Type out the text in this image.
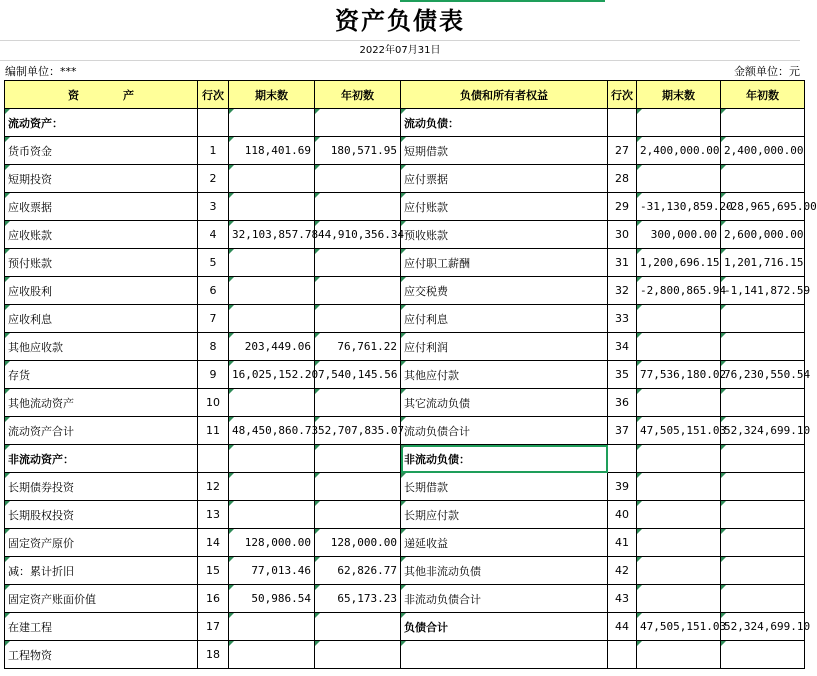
资产负债表
2022年07月31日
编制单位：***	金额单位：元
资　　　　产	行次	期末数	年初数	负债和所有者权益	行次	期末数	年初数
流动资产：				流动负债：			
货币资金	1	118,401.69	180,571.95	短期借款	27	2,400,000.00	2,400,000.00
短期投资	2			应付票据	28		
应收票据	3			应付账款	29	-31,130,859.20	-28,965,695.00
应收账款	4	32,103,857.78	44,910,356.34	预收账款	30	300,000.00	2,600,000.00
预付账款	5			应付职工薪酬	31	1,200,696.15	1,201,716.15
应收股利	6			应交税费	32	-2,800,865.94	-1,141,872.59
应收利息	7			应付利息	33		
其他应收款	8	203,449.06	76,761.22	应付利润	34		
存货	9	16,025,152.20	7,540,145.56	其他应付款	35	77,536,180.02	76,230,550.54
其他流动资产	10			其它流动负债	36		
流动资产合计	11	48,450,860.73	52,707,835.07	流动负债合计	37	47,505,151.03	52,324,699.10
非流动资产：				非流动负债：			
长期债券投资	12			长期借款	39		
长期股权投资	13			长期应付款	40		
固定资产原价	14	128,000.00	128,000.00	递延收益	41		
减：累计折旧	15	77,013.46	62,826.77	其他非流动负债	42		
固定资产账面价值	16	50,986.54	65,173.23	非流动负债合计	43		
在建工程	17			负债合计	44	47,505,151.03	52,324,699.10
工程物资	18						
